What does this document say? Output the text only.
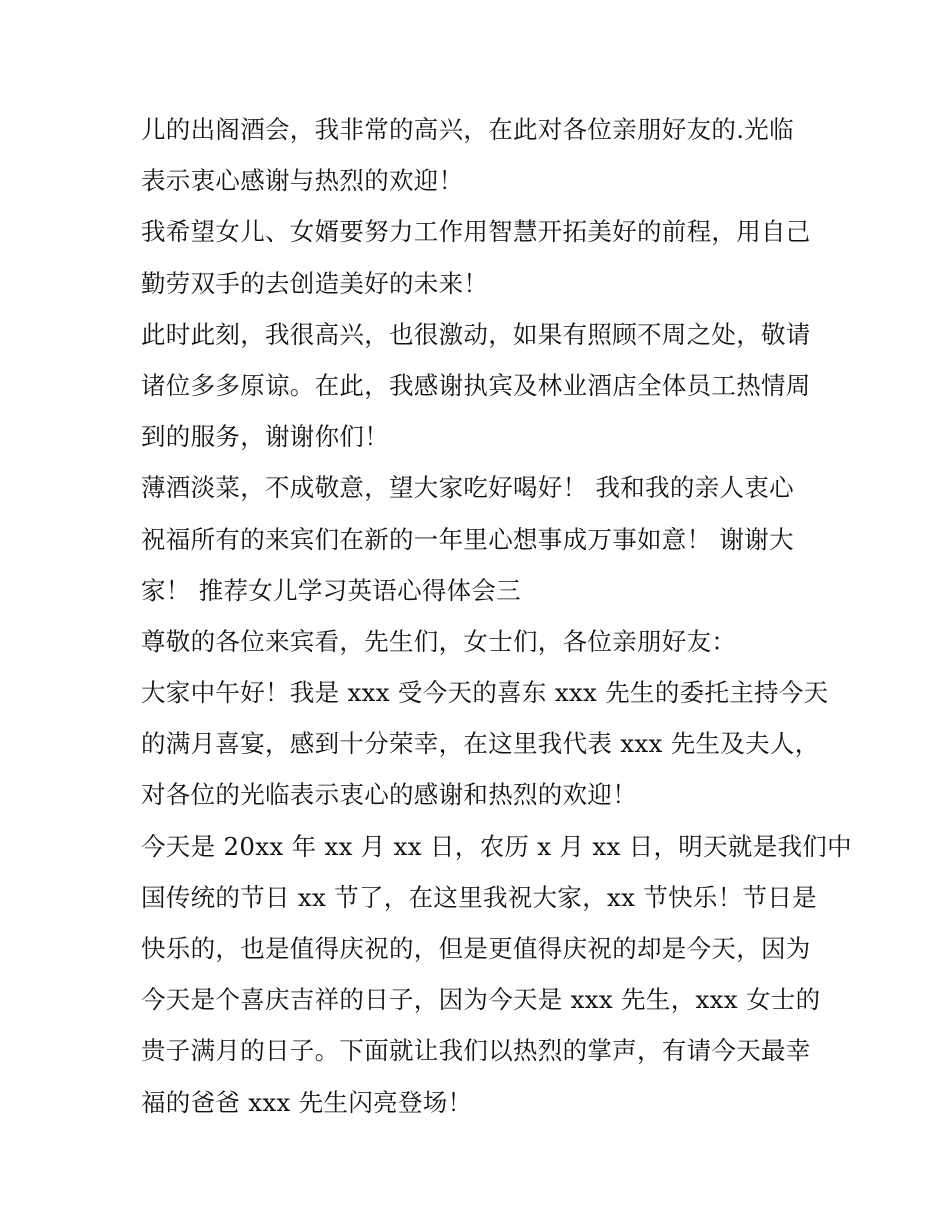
儿的出阁酒会，我非常的高兴，在此对各位亲朋好友的.光临
表示衷心感谢与热烈的欢迎！
我希望女儿、女婿要努力工作用智慧开拓美好的前程，用自己
勤劳双手的去创造美好的未来！
此时此刻，我很高兴，也很激动，如果有照顾不周之处，敬请
诸位多多原谅。在此，我感谢执宾及林业酒店全体员工热情周
到的服务，谢谢你们！
薄酒淡菜，不成敬意，望大家吃好喝好！ 我和我的亲人衷心
祝福所有的来宾们在新的一年里心想事成万事如意！ 谢谢大
家！ 推荐女儿学习英语心得体会三
尊敬的各位来宾看，先生们，女士们，各位亲朋好友：
大家中午好！我是 xxx 受今天的喜东 xxx 先生的委托主持今天
的满月喜宴，感到十分荣幸，在这里我代表 xxx 先生及夫人，
对各位的光临表示衷心的感谢和热烈的欢迎！
今天是 20xx 年 xx 月 xx 日，农历 x 月 xx 日，明天就是我们中
国传统的节日 xx 节了，在这里我祝大家，xx 节快乐！节日是
快乐的，也是值得庆祝的，但是更值得庆祝的却是今天，因为
今天是个喜庆吉祥的日子，因为今天是 xxx 先生，xxx 女士的
贵子满月的日子。下面就让我们以热烈的掌声，有请今天最幸
福的爸爸 xxx 先生闪亮登场！
